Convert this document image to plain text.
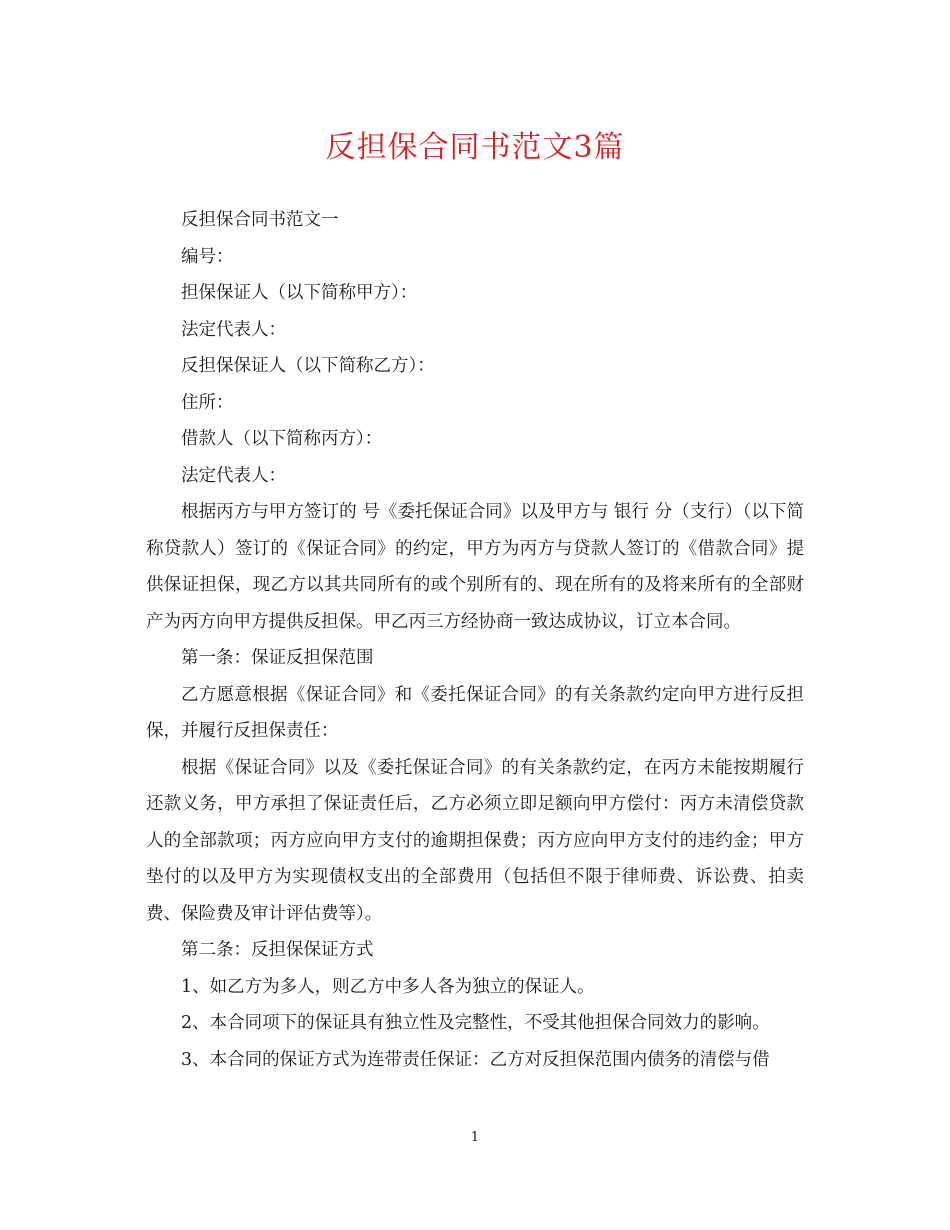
反担保合同书范文3篇

反担保合同书范文一

编号：

担保保证人（以下简称甲方）：

法定代表人：

反担保保证人（以下简称乙方）：

住所：

借款人（以下简称丙方）：

法定代表人：

根据丙方与甲方签订的 号《委托保证合同》以及甲方与 银行 分（支行）（以下简称贷款人）签订的《保证合同》的约定，甲方为丙方与贷款人签订的《借款合同》提供保证担保，现乙方以其共同所有的或个别所有的、现在所有的及将来所有的全部财产为丙方向甲方提供反担保。甲乙丙三方经协商一致达成协议，订立本合同。

第一条：保证反担保范围

乙方愿意根据《保证合同》和《委托保证合同》的有关条款约定向甲方进行反担保，并履行反担保责任：

根据《保证合同》以及《委托保证合同》的有关条款约定，在丙方未能按期履行还款义务，甲方承担了保证责任后，乙方必须立即足额向甲方偿付：丙方未清偿贷款人的全部款项；丙方应向甲方支付的逾期担保费；丙方应向甲方支付的违约金；甲方垫付的以及甲方为实现债权支出的全部费用（包括但不限于律师费、诉讼费、拍卖费、保险费及审计评估费等）。

第二条：反担保保证方式

1、如乙方为多人，则乙方中多人各为独立的保证人。

2、本合同项下的保证具有独立性及完整性，不受其他担保合同效力的影响。

3、本合同的保证方式为连带责任保证：乙方对反担保范围内债务的清偿与借

1
